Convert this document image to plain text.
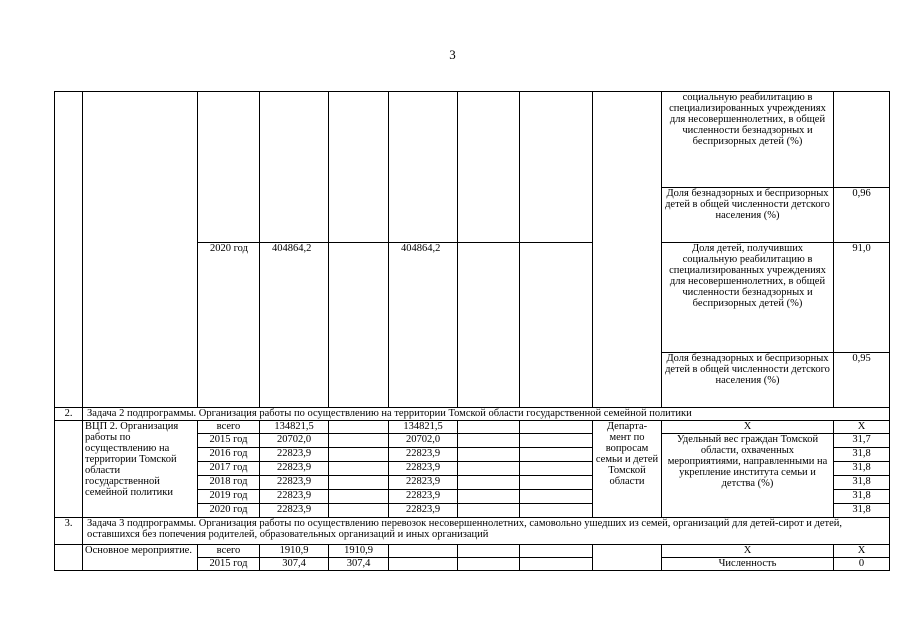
3
									социальную реабилитацию в специализированных учреждениях для несовершеннолетних, в общей численности безнадзорных и беспризорных детей (%)	
									Доля безнадзорных и беспризорных детей в общей численности детского населения (%)	0,96
		2020 год	404864,2		404864,2				Доля детей, получивших социальную реабилитацию в специализированных учреждениях для несовершеннолетних, в общей численности безнадзорных и беспризорных детей (%)	91,0
									Доля безнадзорных и беспризорных детей в общей численности детского населения (%)	0,95
2.	Задача 2 подпрограммы. Организация работы по осуществлению на территории Томской области государственной семейной политики									
	ВЦП 2. Организация работы по осуществлению на территории Томской области государственной семейной политики	всего	134821,5		134821,5			Департа- мент по вопросам семьи и детей Томской области	Х	Х
		2015 год	20702,0		20702,0				Удельный вес граждан Томской области, охваченных мероприятиями, направленными на укрепление института семьи и детства (%)	31,7
		2016 год	22823,9		22823,9					31,8
		2017 год	22823,9		22823,9					31,8
		2018 год	22823,9		22823,9					31,8
		2019 год	22823,9		22823,9					31,8
		2020 год	22823,9		22823,9					31,8

3.	Задача 3 подпрограммы. Организация работы по осуществлению перевозок несовершеннолетних, самовольно ушедших из семей, организаций для детей-сирот и детей, оставшихся без попечения родителей, образовательных организаций и иных организаций									
	Основное мероприятие.	всего	1910,9	1910,9					Х	Х
		2015 год	307,4	307,4					Численность	0
